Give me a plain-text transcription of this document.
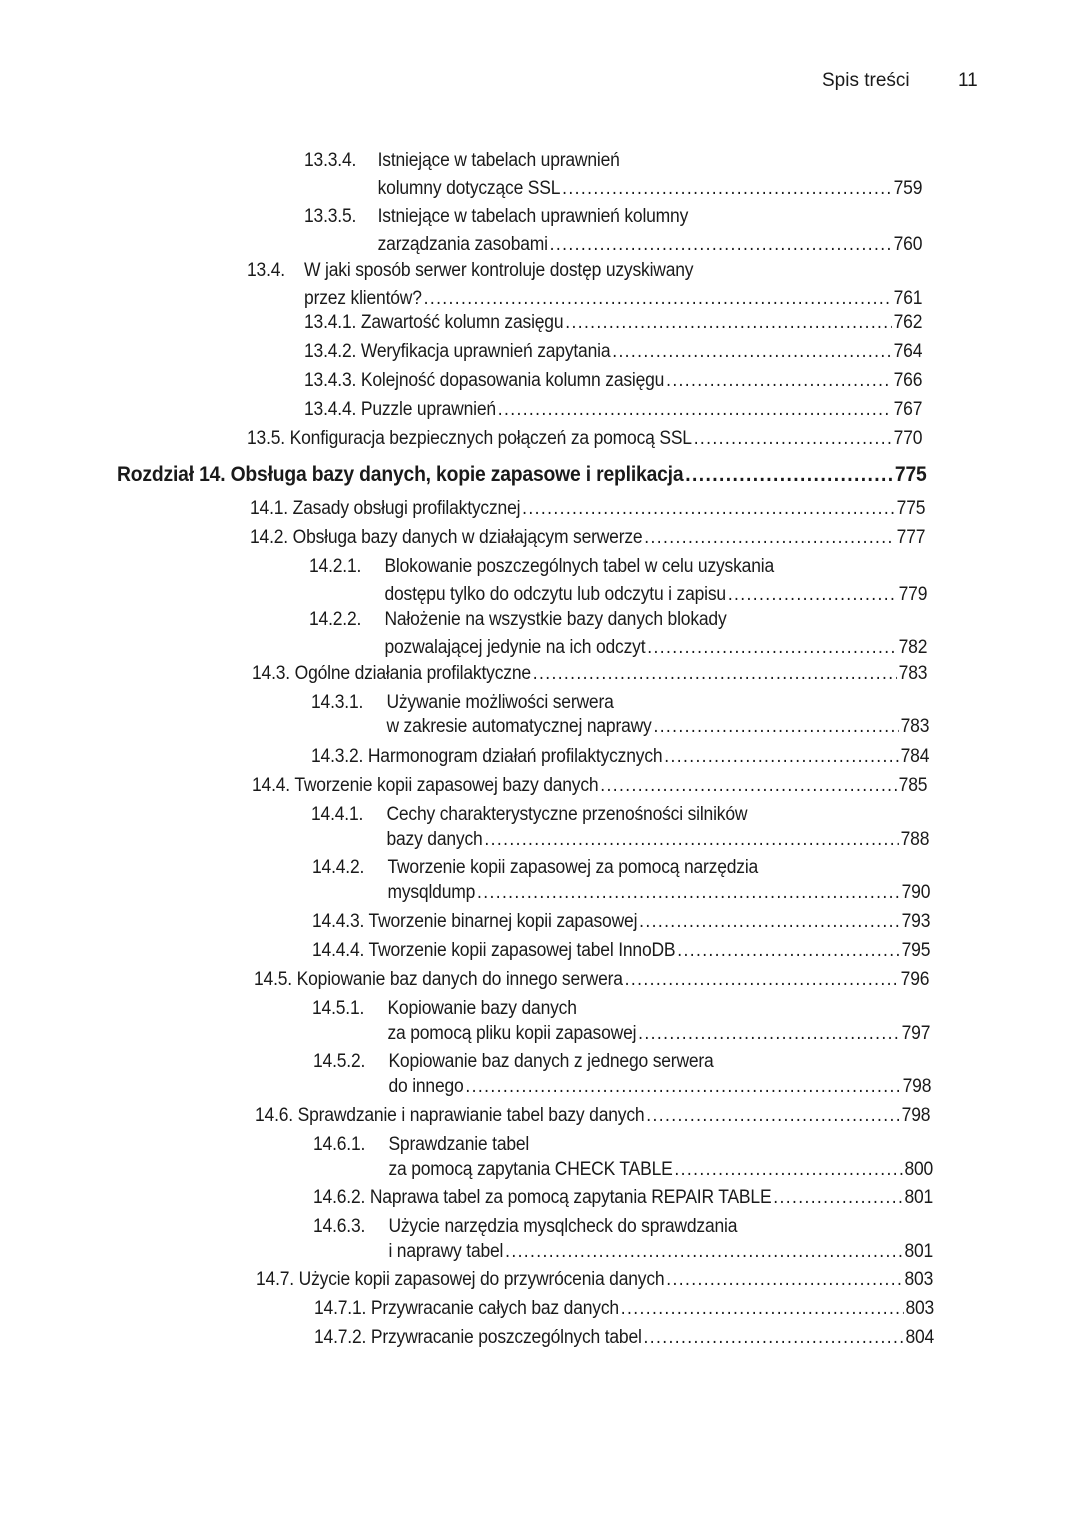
Spis treści	11
13.3.4. Istniejące w tabelach uprawnień
kolumny dotyczące SSL .....	759
13.3.5. Istniejące w tabelach uprawnień kolumny
zarządzania zasobami .....	760
13.4. W jaki sposób serwer kontroluje dostęp uzyskiwany
przez klientów? .....	761
13.4.1. Zawartość kolumn zasięgu .....	762
13.4.2. Weryfikacja uprawnień zapytania .....	764
13.4.3. Kolejność dopasowania kolumn zasięgu .....	766
13.4.4. Puzzle uprawnień .....	767
13.5. Konfiguracja bezpiecznych połączeń za pomocą SSL .....	770
Rozdział 14. Obsługa bazy danych, kopie zapasowe i replikacja .....	775
14.1. Zasady obsługi profilaktycznej .....	775
14.2. Obsługa bazy danych w działającym serwerze .....	777
14.2.1. Blokowanie poszczególnych tabel w celu uzyskania
dostępu tylko do odczytu lub odczytu i zapisu .....	779
14.2.2. Nałożenie na wszystkie bazy danych blokady
pozwalającej jedynie na ich odczyt .....	782
14.3. Ogólne działania profilaktyczne .....	783
14.3.1. Używanie możliwości serwera
w zakresie automatycznej naprawy .....	783
14.3.2. Harmonogram działań profilaktycznych .....	784
14.4. Tworzenie kopii zapasowej bazy danych .....	785
14.4.1. Cechy charakterystyczne przenośności silników
bazy danych .....	788
14.4.2. Tworzenie kopii zapasowej za pomocą narzędzia
mysqldump .....	790
14.4.3. Tworzenie binarnej kopii zapasowej .....	793
14.4.4. Tworzenie kopii zapasowej tabel InnoDB .....	795
14.5. Kopiowanie baz danych do innego serwera .....	796
14.5.1. Kopiowanie bazy danych
za pomocą pliku kopii zapasowej .....	797
14.5.2. Kopiowanie baz danych z jednego serwera
do innego .....	798
14.6. Sprawdzanie i naprawianie tabel bazy danych .....	798
14.6.1. Sprawdzanie tabel
za pomocą zapytania CHECK TABLE .....	800
14.6.2. Naprawa tabel za pomocą zapytania REPAIR TABLE .....	801
14.6.3. Użycie narzędzia mysqlcheck do sprawdzania
i naprawy tabel .....	801
14.7. Użycie kopii zapasowej do przywrócenia danych .....	803
14.7.1. Przywracanie całych baz danych .....	803
14.7.2. Przywracanie poszczególnych tabel .....	804
